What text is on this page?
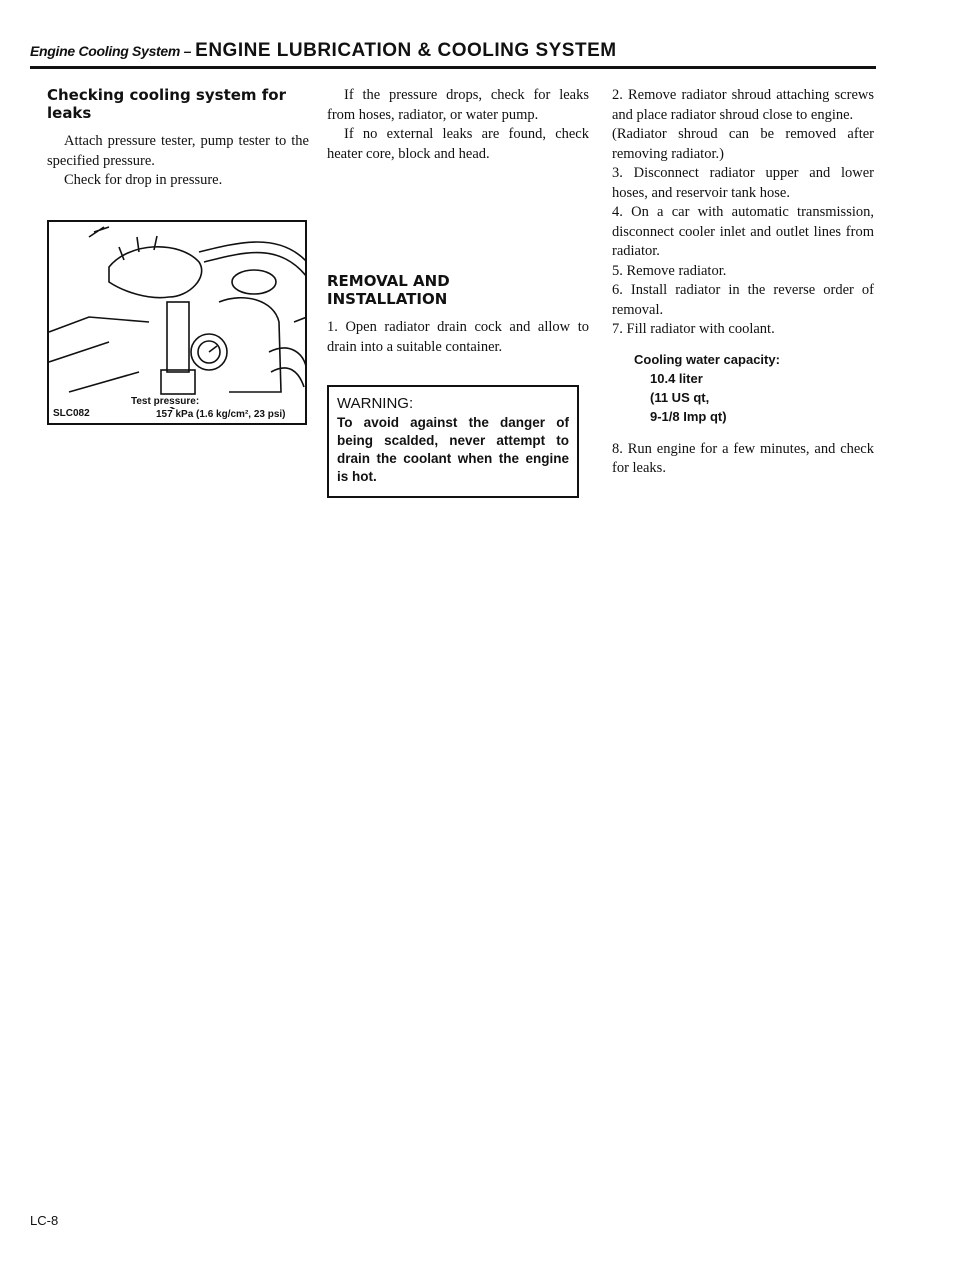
Engine Cooling System – ENGINE LUBRICATION & COOLING SYSTEM
Checking cooling system for
leaks

Attach pressure tester, pump tester to the specified pressure.

Check for drop in pressure.

Test pressure:
SLC082	157 kPa (1.6 kg/cm², 23 psi)

If the pressure drops, check for leaks from hoses, radiator, or water pump.

If no external leaks are found, check heater core, block and head.

REMOVAL AND
INSTALLATION

1. Open radiator drain cock and allow to drain into a suitable container.

WARNING:
To avoid against the danger of being scalded, never attempt to drain the coolant when the engine is hot.

2. Remove radiator shroud attaching screws and place radiator shroud close to engine.

(Radiator shroud can be removed after removing radiator.)

3. Disconnect radiator upper and lower hoses, and reservoir tank hose.

4. On a car with automatic transmission, disconnect cooler inlet and outlet lines from radiator.

5. Remove radiator.

6. Install radiator in the reverse order of removal.

7. Fill radiator with coolant.

Cooling water capacity:
10.4 liter
(11 US qt,
9-1/8 Imp qt)

8. Run engine for a few minutes, and check for leaks.

LC-8
